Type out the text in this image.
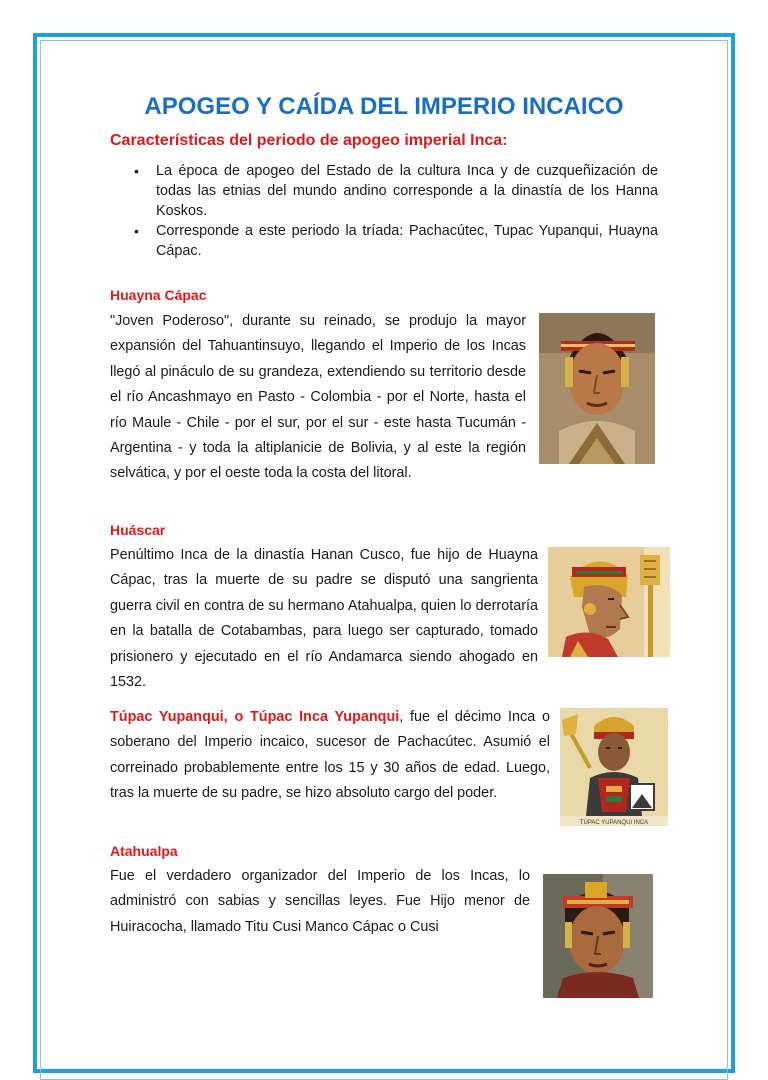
APOGEO Y CAÍDA DEL IMPERIO INCAICO
Características del periodo de apogeo imperial Inca:
• La época de apogeo del Estado de la cultura Inca y de cuzqueñización de todas las etnias del mundo andino corresponde a la dinastía de los Hanna Koskos.
• Corresponde a este periodo la tríada: Pachacútec, Tupac Yupanqui, Huayna Cápac.
Huayna Cápac

"Joven Poderoso", durante su reinado, se produjo la mayor expansión del Tahuantinsuyo, llegando el Imperio de los Incas llegó al pináculo de su grandeza, extendiendo su territorio desde el río Ancashmayo en Pasto - Colombia - por el Norte, hasta el río Maule - Chile - por el sur, por el sur - este hasta Tucumán - Argentina - y toda la altiplanicie de Bolivia, y al este la región selvática, y por el oeste toda la costa del litoral.

Huáscar

Penúltimo Inca de la dinastía Hanan Cusco, fue hijo de Huayna Cápac, tras la muerte de su padre se disputó una sangrienta guerra civil en contra de su hermano Atahualpa, quien lo derrotaría en la batalla de Cotabambas, para luego ser capturado, tomado prisionero y ejecutado en el río Andamarca siendo ahogado en 1532.

Túpac Yupanqui, o Túpac Inca Yupanqui, fue el décimo Inca o soberano del Imperio incaico, sucesor de Pachacútec. Asumió el correinado probablemente entre los 15 y 30 años de edad. Luego, tras la muerte de su padre, se hizo absoluto cargo del poder.

TÚPAC YUPANQUI INCA
Atahualpa

Fue el verdadero organizador del Imperio de los Incas, lo administró con sabias y sencillas leyes. Fue Hijo menor de Huiracocha, llamado Titu Cusi Manco Cápac o Cusi
